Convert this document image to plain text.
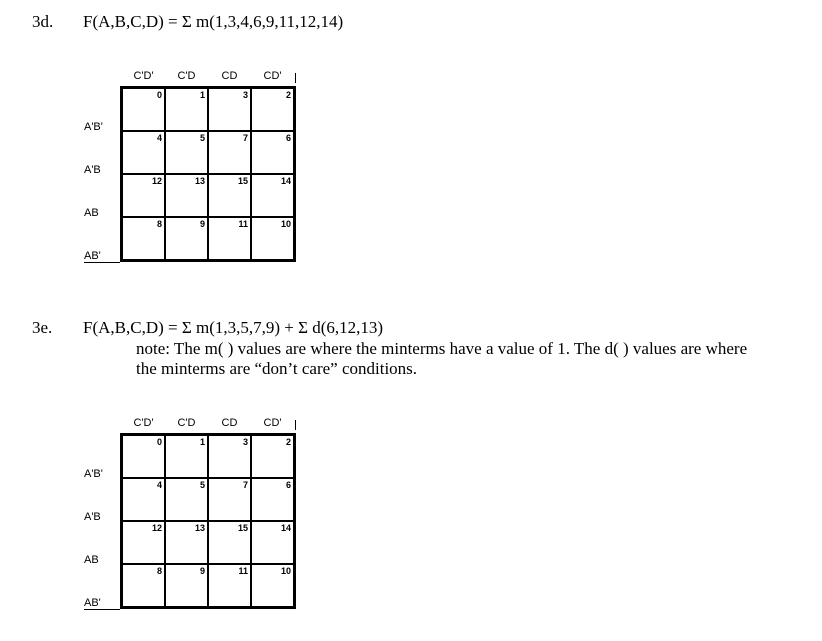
3d. F(A,B,C,D) = Σ m(1,3,4,6,9,11,12,14)
0	1	3	2
4	5	7	6
12	13	15	14
8	9	11	10
C'D'	C'D	CD	CD'
A'B'
A'B
AB
AB'
3e. F(A,B,C,D) = Σ m(1,3,5,7,9) + Σ d(6,12,13)
note: The m( ) values are where the minterms have a value of 1. The d( ) values are where
the minterms are “don’t care” conditions.
0	1	3	2
4	5	7	6
12	13	15	14
8	9	11	10
C'D'	C'D	CD	CD'
A'B'
A'B
AB
AB'
